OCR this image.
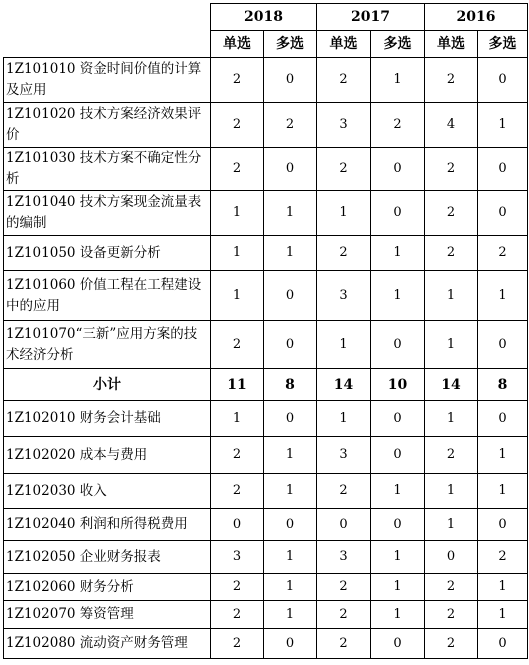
	2018		2017		2016	
	单选	多选	单选	多选	单选	多选
1Z101010 资金时间价值的计算及应用	2	0	2	1	2	0
1Z101020 技术方案经济效果评价	2	2	3	2	4	1
1Z101030 技术方案不确定性分析	2	0	2	0	2	0
1Z101040 技术方案现金流量表的编制	1	1	1	0	2	0
1Z101050 设备更新分析	1	1	2	1	2	2
1Z101060 价值工程在工程建设中的应用	1	0	3	1	1	1
1Z101070“三新”应用方案的技术经济分析	2	0	1	0	1	0
小计	11	8	14	10	14	8
1Z102010 财务会计基础	1	0	1	0	1	0
1Z102020 成本与费用	2	1	3	0	2	1
1Z102030 收入	2	1	2	1	1	1
1Z102040 利润和所得税费用	0	0	0	0	1	0
1Z102050 企业财务报表	3	1	3	1	0	2
1Z102060 财务分析	2	1	2	1	2	1
1Z102070 筹资管理	2	1	2	1	2	1
1Z102080 流动资产财务管理	2	0	2	0	2	0
